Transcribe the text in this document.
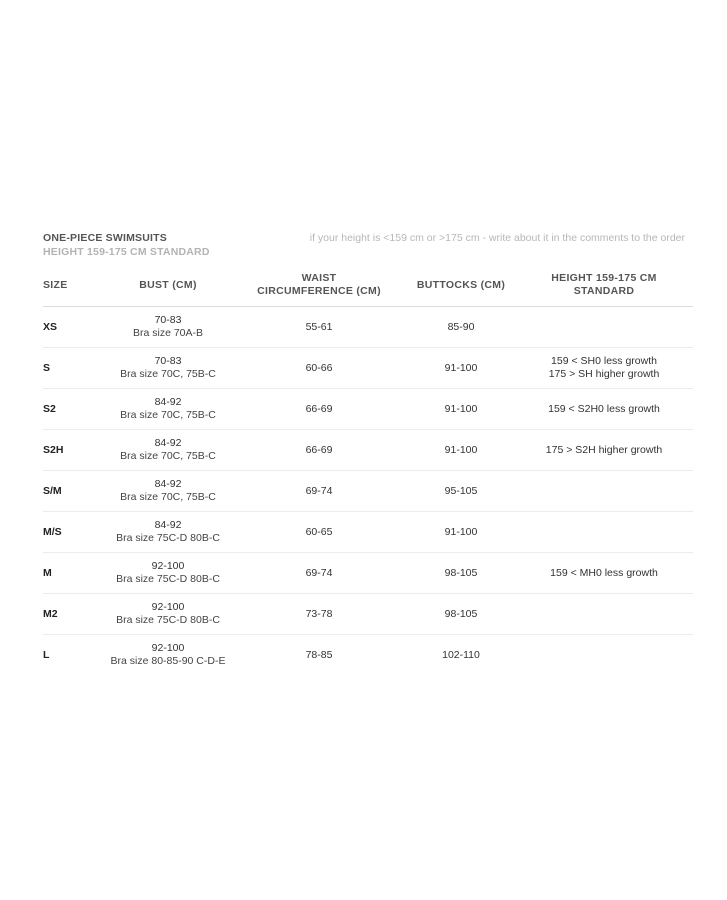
ONE-PIECE SWIMSUITS
HEIGHT 159-175 CM STANDARD
if your height is <159 cm or >175 cm - write about it in the comments to the order
SIZE	BUST (CM)	WAIST
CIRCUMFERENCE (CM)	BUTTOCKS (CM)	HEIGHT 159-175 CM
STANDARD

XS	70-83
Bra size 70A-B	55-61	85-90	

S	70-83
Bra size 70C, 75B-C	60-66	91-100	159 < SH0 less growth
175 > SH higher growth

S2	84-92
Bra size 70C, 75B-C	66-69	91-100	159 < S2H0 less growth

S2H	84-92
Bra size 70C, 75B-C	66-69	91-100	175 > S2H higher growth

S/M	84-92
Bra size 70C, 75B-C	69-74	95-105	

M/S	84-92
Bra size 75C-D 80B-C	60-65	91-100	

M	92-100
Bra size 75C-D 80B-C	69-74	98-105	159 < MH0 less growth

M2	92-100
Bra size 75C-D 80B-C	73-78	98-105	

L	92-100
Bra size 80-85-90 C-D-E	78-85	102-110	
